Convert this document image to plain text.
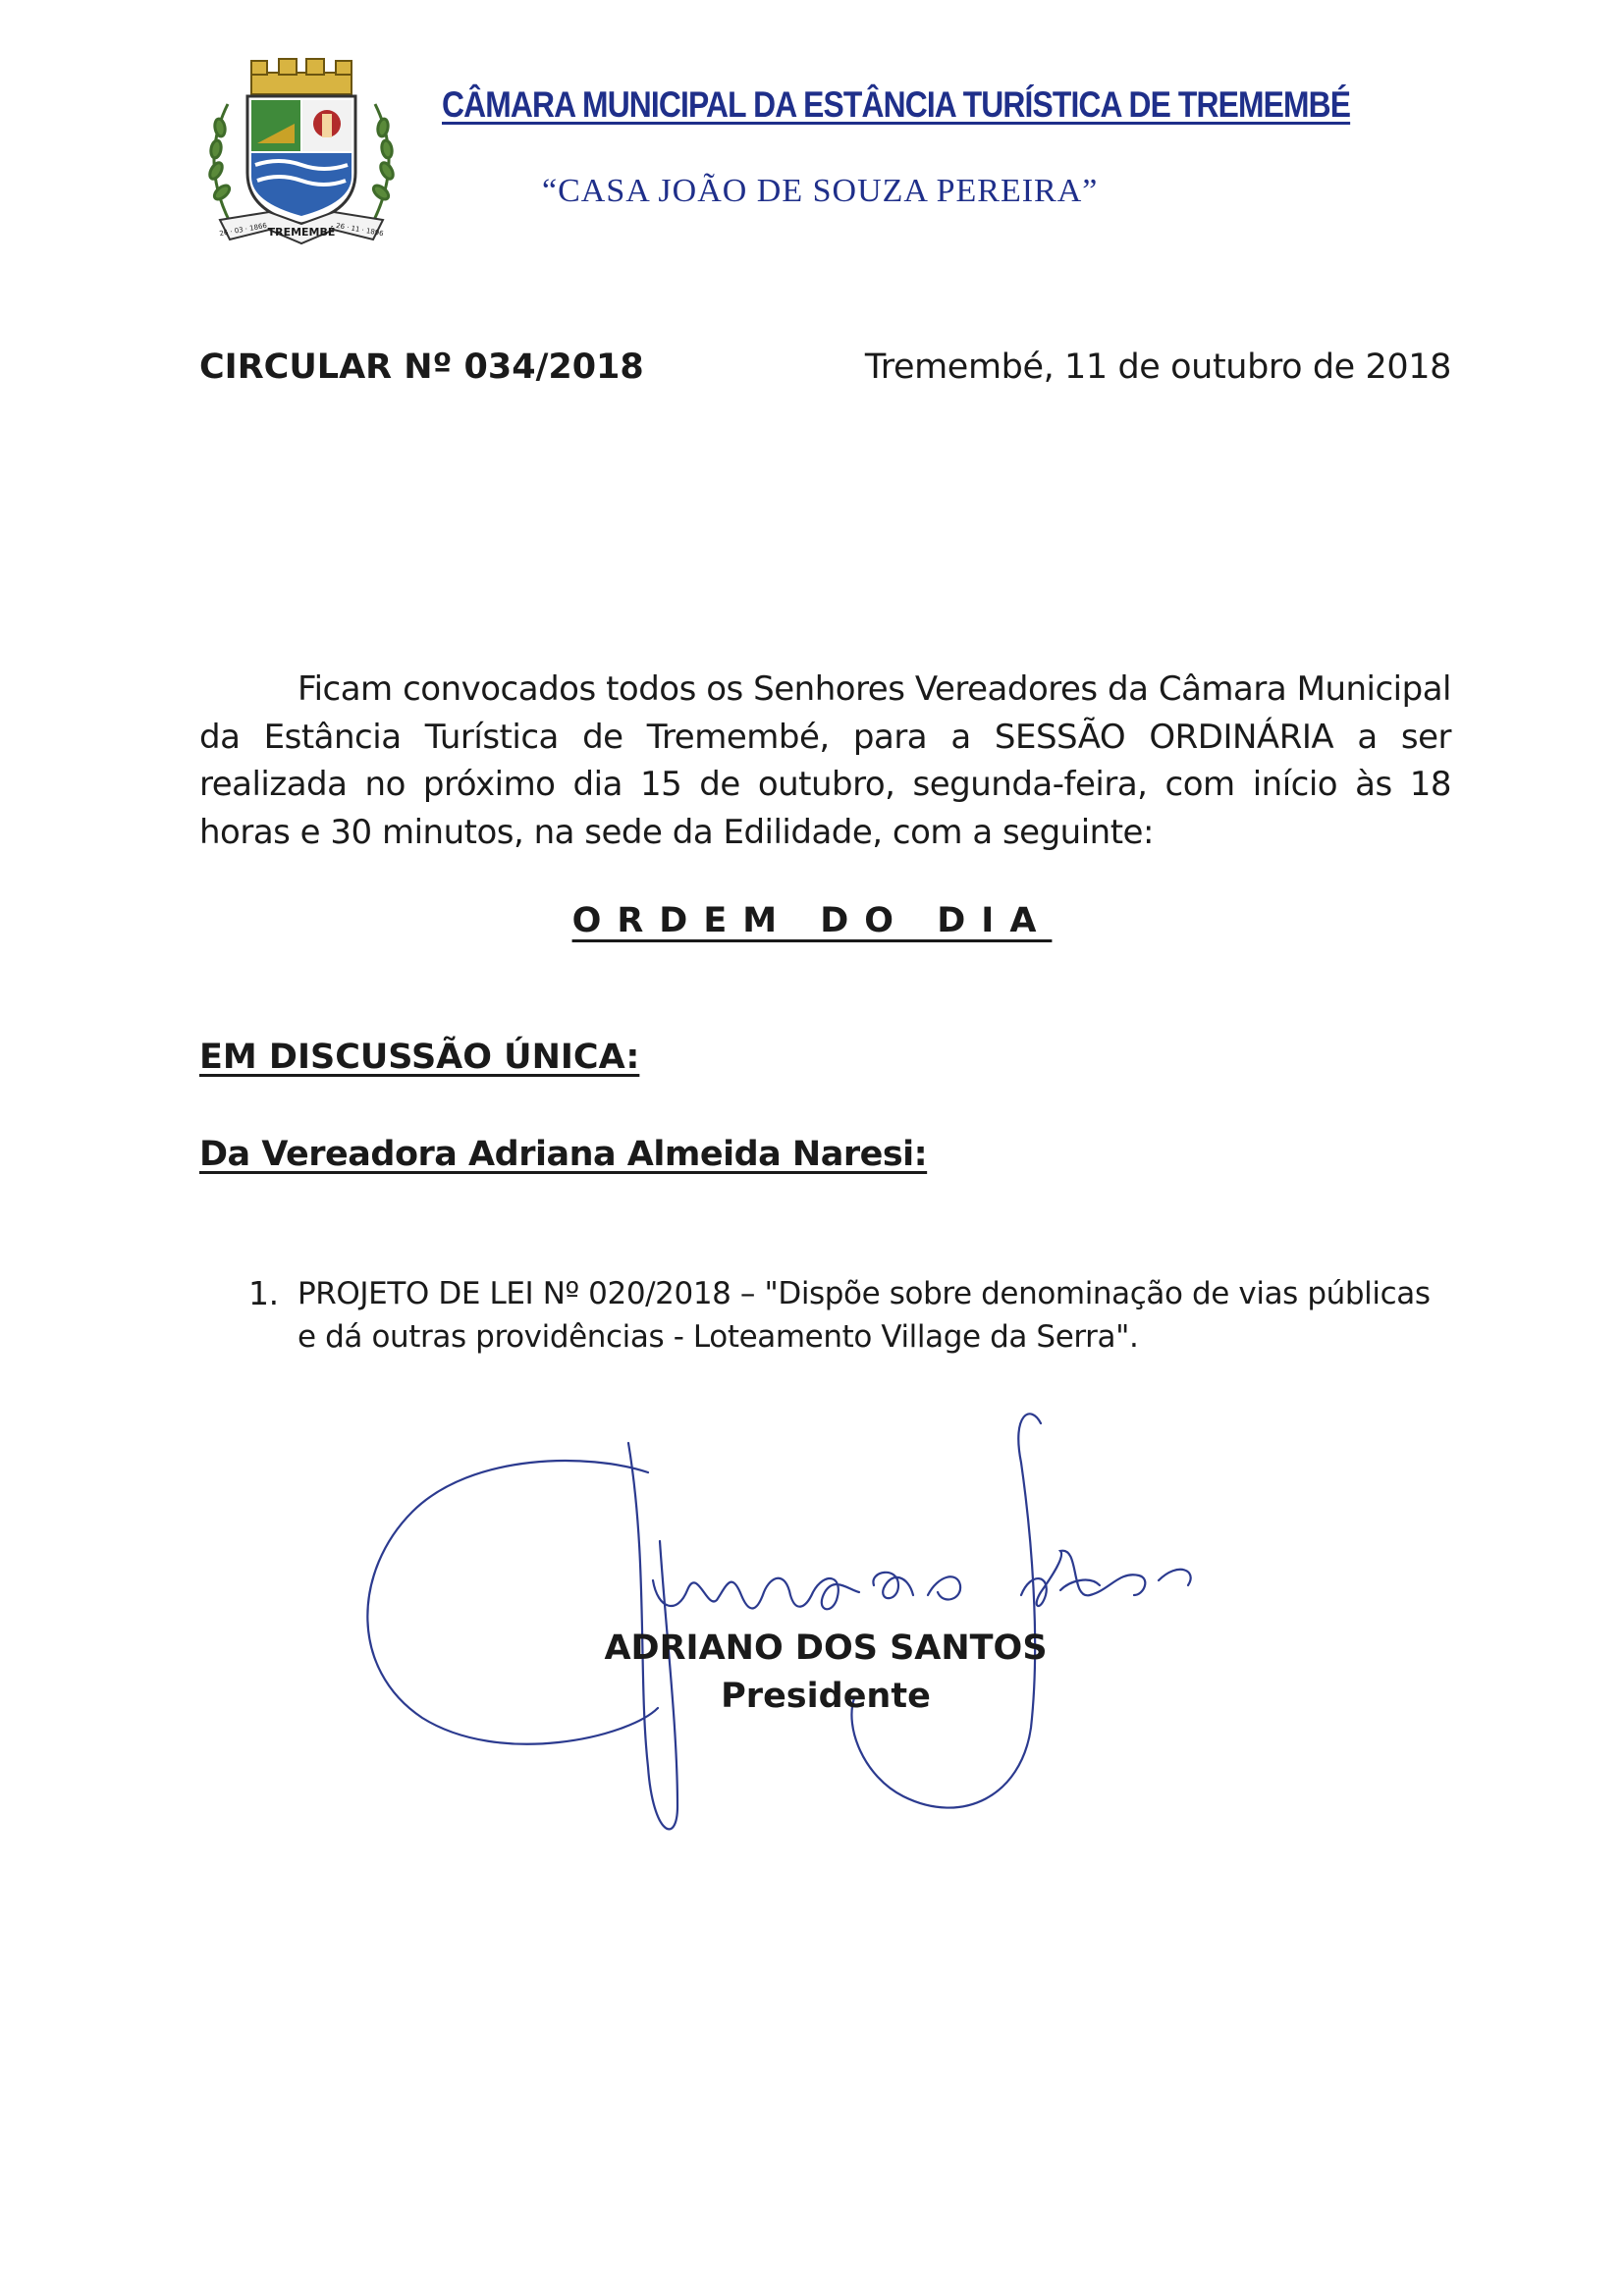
TREMEMBÉ
26 · 03 · 1866	26 · 11 · 1896
CÂMARA MUNICIPAL DA ESTÂNCIA TURÍSTICA DE TREMEMBÉ
“CASA JOÃO DE SOUZA PEREIRA”
CIRCULAR Nº 034/2018	Tremembé, 11 de outubro de 2018
Ficam convocados todos os Senhores Vereadores da Câmara Municipal da Estância Turística de Tremembé, para a SESSÃO ORDINÁRIA a ser realizada no próximo dia 15 de outubro, segunda-feira, com início às 18 horas e 30 minutos, na sede da Edilidade, com a seguinte:
ORDEM DO DIA
EM DISCUSSÃO ÚNICA:
Da Vereadora Adriana Almeida Naresi:
1. PROJETO DE LEI Nº 020/2018 – "Dispõe sobre denominação de vias públicas e dá outras providências - Loteamento Village da Serra".
ADRIANO DOS SANTOS
Presidente
